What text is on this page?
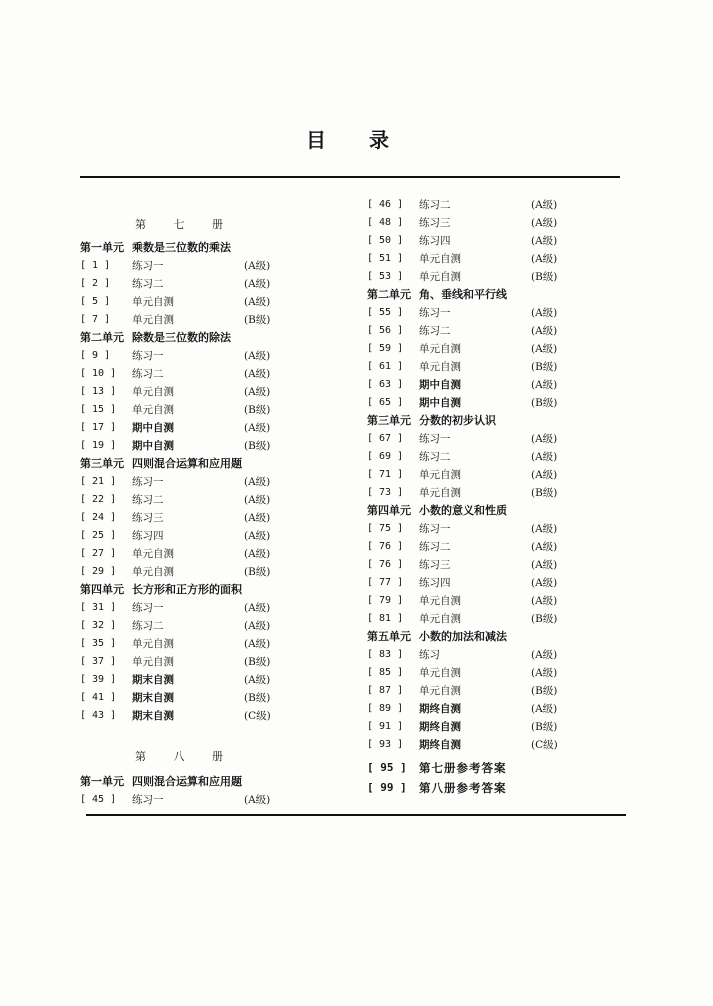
目 录
第 七 册
第一单元 乘数是三位数的乘法
[ 1 ]	练习一	(A级)
[ 2 ]	练习二	(A级)
[ 5 ]	单元自测	(A级)
[ 7 ]	单元自测	(B级)
第二单元 除数是三位数的除法
[ 9 ]	练习一	(A级)
[ 10 ]	练习二	(A级)
[ 13 ]	单元自测	(A级)
[ 15 ]	单元自测	(B级)
[ 17 ]	期中自测	(A级)
[ 19 ]	期中自测	(B级)
第三单元 四则混合运算和应用题
[ 21 ]	练习一	(A级)
[ 22 ]	练习二	(A级)
[ 24 ]	练习三	(A级)
[ 25 ]	练习四	(A级)
[ 27 ]	单元自测	(A级)
[ 29 ]	单元自测	(B级)
第四单元 长方形和正方形的面积
[ 31 ]	练习一	(A级)
[ 32 ]	练习二	(A级)
[ 35 ]	单元自测	(A级)
[ 37 ]	单元自测	(B级)
[ 39 ]	期末自测	(A级)
[ 41 ]	期末自测	(B级)
[ 43 ]	期末自测	(C级)
第 八 册
第一单元 四则混合运算和应用题
[ 45 ]	练习一	(A级)
[ 46 ]	练习二	(A级)
[ 48 ]	练习三	(A级)
[ 50 ]	练习四	(A级)
[ 51 ]	单元自测	(A级)
[ 53 ]	单元自测	(B级)
第二单元 角、垂线和平行线
[ 55 ]	练习一	(A级)
[ 56 ]	练习二	(A级)
[ 59 ]	单元自测	(A级)
[ 61 ]	单元自测	(B级)
[ 63 ]	期中自测	(A级)
[ 65 ]	期中自测	(B级)
第三单元 分数的初步认识
[ 67 ]	练习一	(A级)
[ 69 ]	练习二	(A级)
[ 71 ]	单元自测	(A级)
[ 73 ]	单元自测	(B级)
第四单元 小数的意义和性质
[ 75 ]	练习一	(A级)
[ 76 ]	练习二	(A级)
[ 76 ]	练习三	(A级)
[ 77 ]	练习四	(A级)
[ 79 ]	单元自测	(A级)
[ 81 ]	单元自测	(B级)
第五单元 小数的加法和减法
[ 83 ]	练习	(A级)
[ 85 ]	单元自测	(A级)
[ 87 ]	单元自测	(B级)
[ 89 ]	期终自测	(A级)
[ 91 ]	期终自测	(B级)
[ 93 ]	期终自测	(C级)
[ 95 ]	第七册参考答案
[ 99 ]	第八册参考答案
